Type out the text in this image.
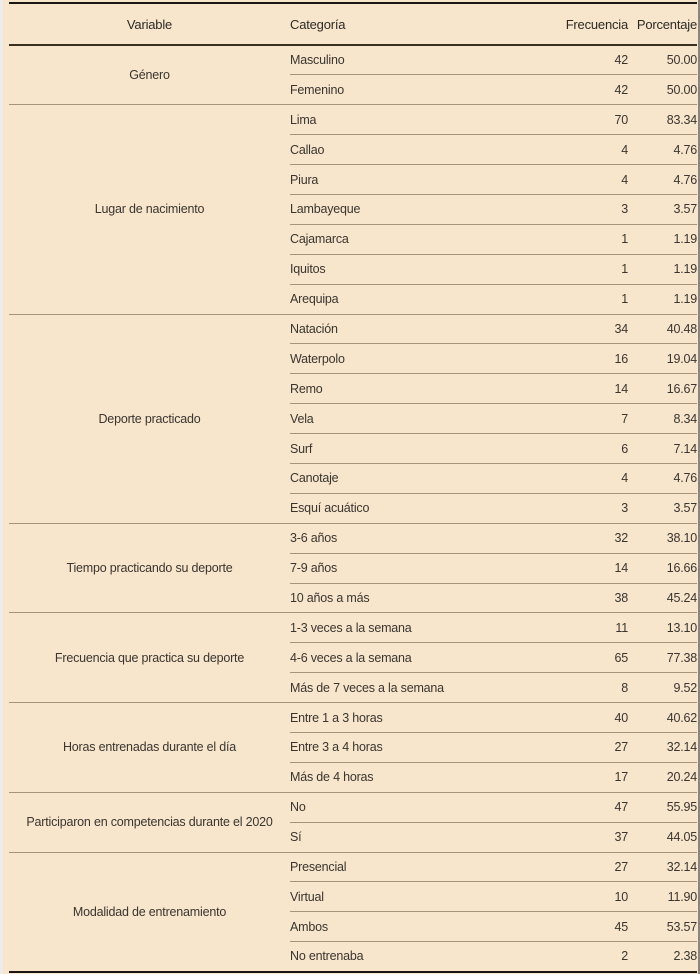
Variable	Categoría	Frecuencia	Porcentaje
Género	Masculino	42	50.00
	Femenino	42	50.00
Lugar de nacimiento	Lima	70	83.34
	Callao	4	4.76
	Piura	4	4.76
	Lambayeque	3	3.57
	Cajamarca	1	1.19
	Iquitos	1	1.19
	Arequipa	1	1.19
Deporte practicado	Natación	34	40.48
	Waterpolo	16	19.04
	Remo	14	16.67
	Vela	7	8.34
	Surf	6	7.14
	Canotaje	4	4.76
	Esquí acuático	3	3.57
Tiempo practicando su deporte	3-6 años	32	38.10
	7-9 años	14	16.66
	10 años a más	38	45.24
Frecuencia que practica su deporte	1-3 veces a la semana	11	13.10
	4-6 veces a la semana	65	77.38
	Más de 7 veces a la semana	8	9.52
Horas entrenadas durante el día	Entre 1 a 3 horas	40	40.62
	Entre 3 a 4 horas	27	32.14
	Más de 4 horas	17	20.24
Participaron en competencias durante el 2020	No	47	55.95
	Sí	37	44.05
Modalidad de entrenamiento	Presencial	27	32.14
	Virtual	10	11.90
	Ambos	45	53.57
	No entrenaba	2	2.38
